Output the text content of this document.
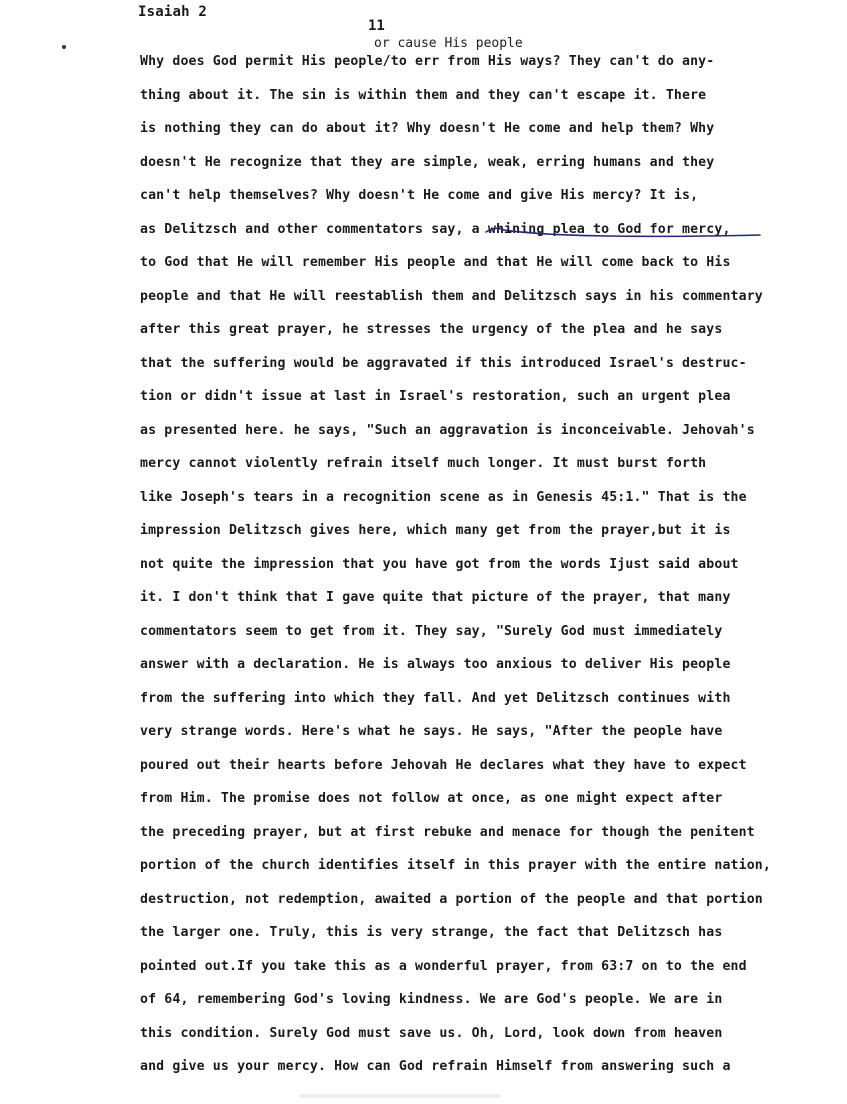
Isaiah 2
11
or cause His people
Why does God permit His people/to err from His ways? They can't do any-
thing about it. The sin is within them and they can't escape it. There
is nothing they can do about it? Why doesn't He come and help them? Why
doesn't He recognize that they are simple, weak, erring humans and they
can't help themselves? Why doesn't He come and give His mercy? It is,
as Delitzsch and other commentators say, a whining plea to God for mercy,
to God that He will remember His people and that He will come back to His
people and that He will reestablish them and Delitzsch says in his commentary
after this great prayer, he stresses the urgency of the plea and he says
that the suffering would be aggravated if this introduced Israel's destruc-
tion or didn't issue at last in Israel's restoration, such an urgent plea
as presented here. he says, "Such an aggravation is inconceivable. Jehovah's
mercy cannot violently refrain itself much longer. It must burst forth
like Joseph's tears in a recognition scene as in Genesis 45:1." That is the
impression Delitzsch gives here, which many get from the prayer,but it is
not quite the impression that you have got from the words Ijust said about
it. I don't think that I gave quite that picture of the prayer, that many
commentators seem to get from it. They say, "Surely God must immediately
answer with a declaration. He is always too anxious to deliver His people
from the suffering into which they fall. And yet Delitzsch continues with
very strange words. Here's what he says. He says, "After the people have
poured out their hearts before Jehovah He declares what they have to expect
from Him. The promise does not follow at once, as one might expect after
the preceding prayer, but at first rebuke and menace for though the penitent
portion of the church identifies itself in this prayer with the entire nation,
destruction, not redemption, awaited a portion of the people and that portion
the larger one. Truly, this is very strange, the fact that Delitzsch has
pointed out.If you take this as a wonderful prayer, from 63:7 on to the end
of 64, remembering God's loving kindness. We are God's people. We are in
this condition. Surely God must save us. Oh, Lord, look down from heaven
and give us your mercy. How can God refrain Himself from answering such a
